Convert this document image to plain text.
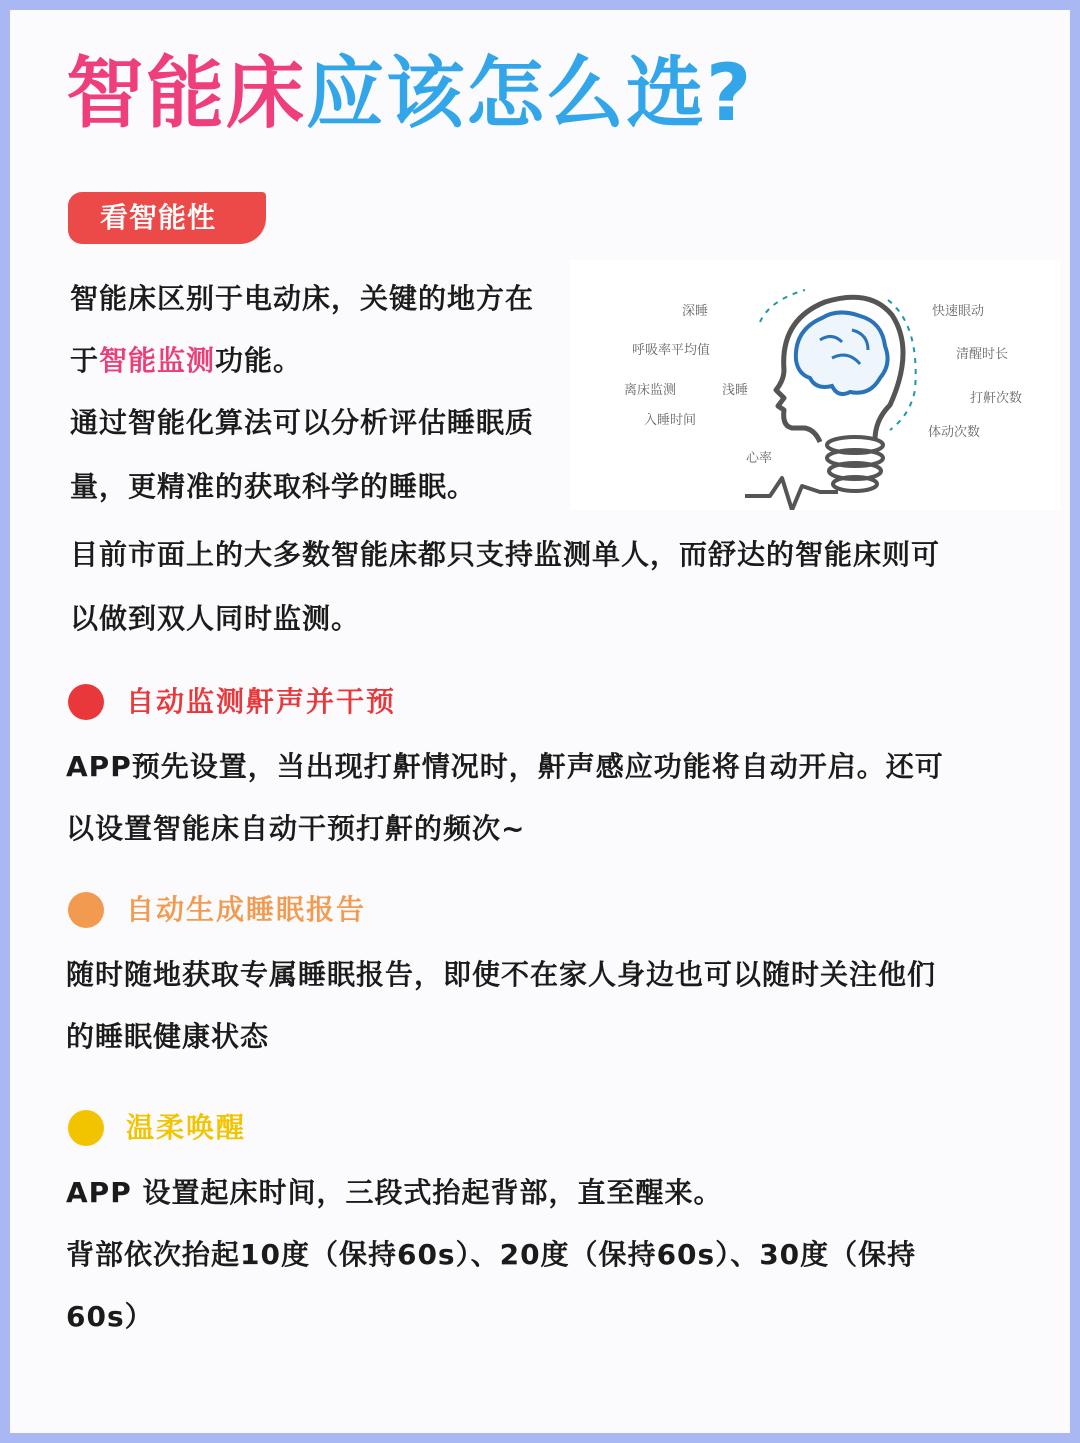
智能床应该怎么选?
看智能性

智能床区别于电动床，关键的地方在

于智能监测功能。

通过智能化算法可以分析评估睡眠质

量，更精准的获取科学的睡眠。

目前市面上的大多数智能床都只支持监测单人，而舒达的智能床则可

以做到双人同时监测。

深睡
呼吸率平均值
离床监测	浅睡
入睡时间
心率
快速眼动
清醒时长
打鼾次数
体动次数
自动监测鼾声并干预

APP预先设置，当出现打鼾情况时，鼾声感应功能将自动开启。还可

以设置智能床自动干预打鼾的频次~

自动生成睡眠报告

随时随地获取专属睡眠报告，即使不在家人身边也可以随时关注他们

的睡眠健康状态

温柔唤醒

APP 设置起床时间，三段式抬起背部，直至醒来。

背部依次抬起10度（保持60s）、20度（保持60s）、30度（保持

60s）
